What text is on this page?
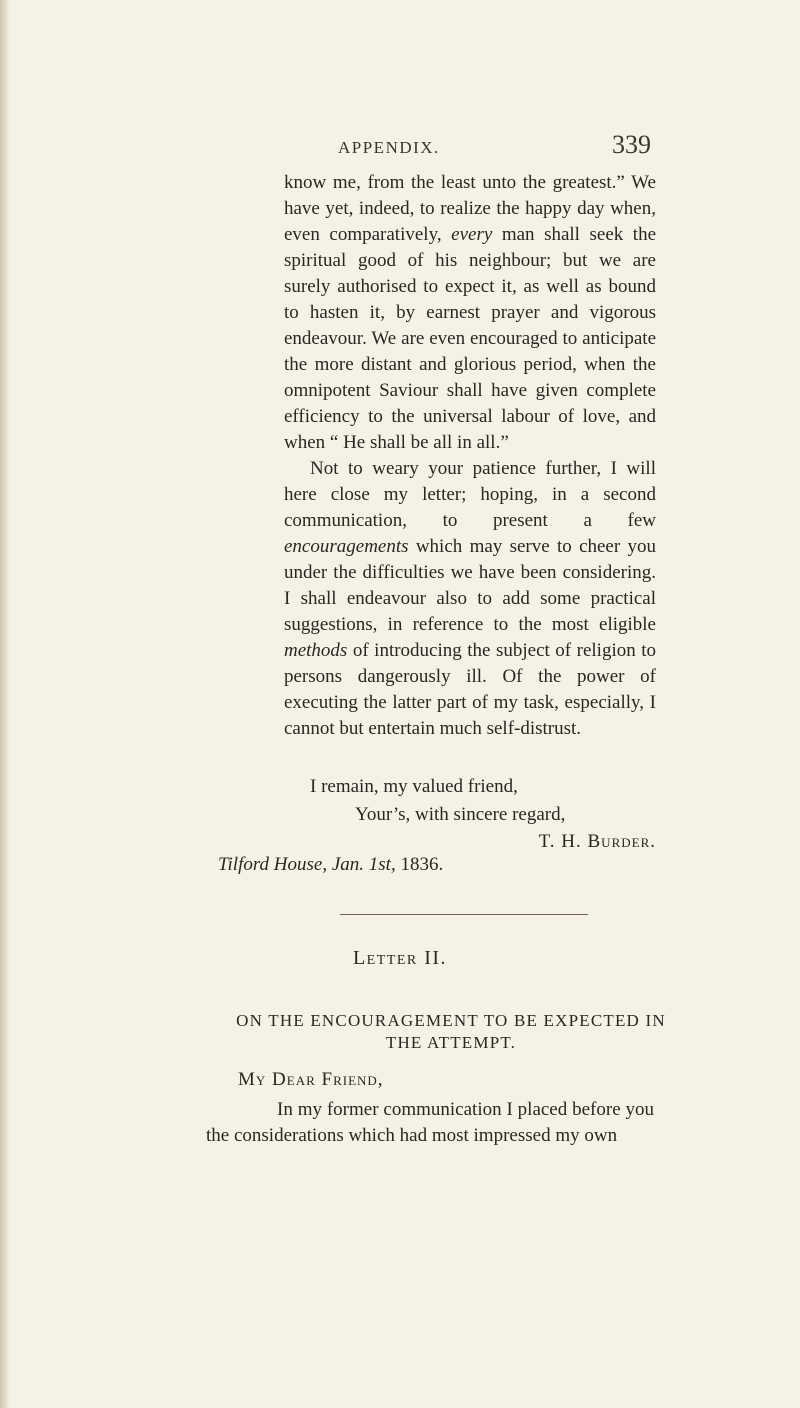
APPENDIX.	339

know me, from the least unto the greatest.” We have yet, indeed, to realize the happy day when, even comparatively, every man shall seek the spiritual good of his neighbour; but we are surely authorised to expect it, as well as bound to hasten it, by earnest prayer and vigorous endeavour. We are even encouraged to anticipate the more distant and glorious period, when the omnipotent Saviour shall have given complete efficiency to the universal labour of love, and when “ He shall be all in all.”

Not to weary your patience further, I will here close my letter; hoping, in a second communication, to present a few encouragements which may serve to cheer you under the difficulties we have been considering. I shall endeavour also to add some practical suggestions, in reference to the most eligible methods of introducing the subject of religion to persons dangerously ill. Of the power of executing the latter part of my task, especially, I cannot but entertain much self-distrust.

I remain, my valued friend,
Your’s, with sincere regard,
T. H. Burder.
Tilford House, Jan. 1st, 1836.
Letter II.
ON THE ENCOURAGEMENT TO BE EXPECTED IN THE ATTEMPT.
My Dear Friend,

In my former communication I placed before you the considerations which had most impressed my own
